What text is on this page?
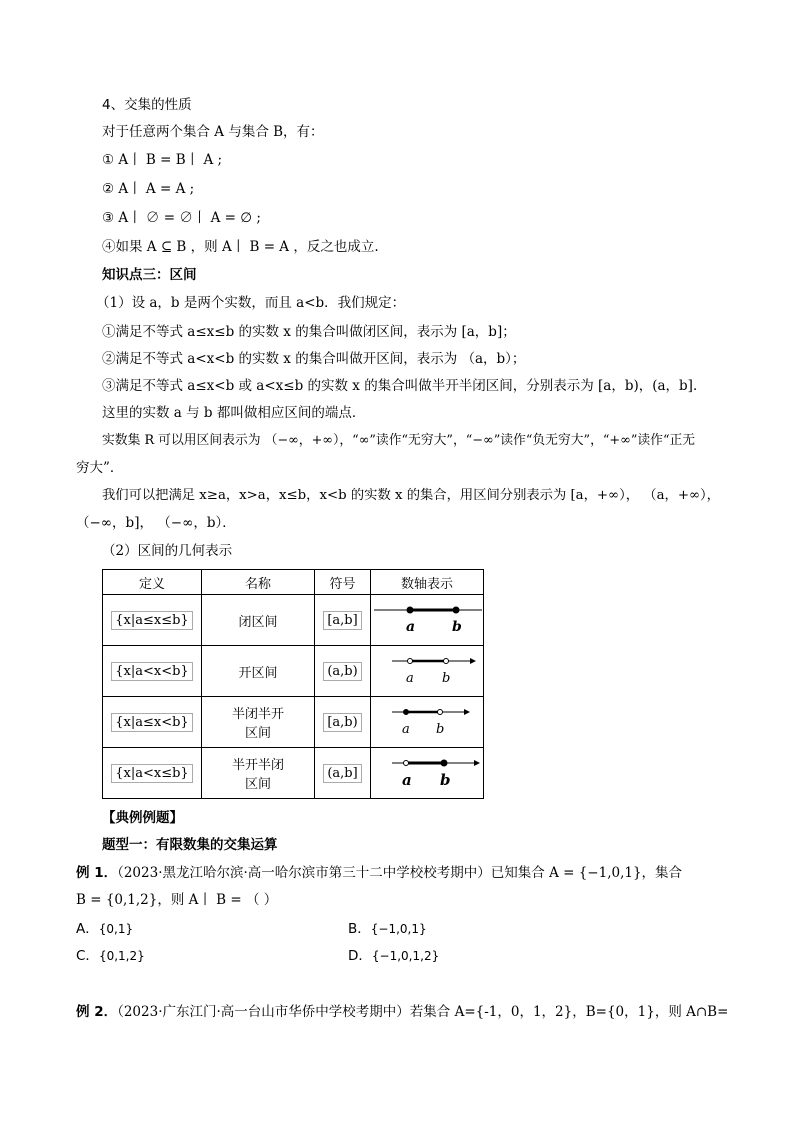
4、交集的性质
对于任意两个集合 A 与集合 B，有：
① A丨 B = B丨 A ;
② A丨 A = A ;
③ A丨 ∅ = ∅丨 A = ∅ ;
④如果 A ⊆ B ，则 A丨 B = A ，反之也成立.
知识点三：区间
（1）设 a，b 是两个实数，而且 a<b．我们规定：
①满足不等式 a≤x≤b 的实数 x 的集合叫做闭区间，表示为 [a，b]；
②满足不等式 a<x<b 的实数 x 的集合叫做开区间，表示为 （a，b）；
③满足不等式 a≤x<b 或 a<x≤b 的实数 x 的集合叫做半开半闭区间，分别表示为 [a，b)，(a，b]．
这里的实数 a 与 b 都叫做相应区间的端点．
实数集 R 可以用区间表示为 （−∞，+∞），“∞”读作“无穷大”，“−∞”读作“负无穷大”，“+∞”读作“正无
穷大”．
我们可以把满足 x≥a，x>a，x≤b，x<b 的实数 x 的集合，用区间分别表示为 [a，+∞）， （a，+∞），
（−∞，b]， （−∞，b）．
（2）区间的几何表示
定义	名称	符号	数轴表示
{x|a≤x≤b}	闭区间	[a,b]	a b

{x|a<x<b}	开区间	(a,b)	a b

{x|a≤x<b}	半闭半开
区间	[a,b)	a b

{x|a<x≤b}	半开半闭
区间	(a,b]	a b
【典例例题】
题型一：有限数集的交集运算
例 1．（2023·黑龙江哈尔滨·高一哈尔滨市第三十二中学校校考期中）已知集合 A = {−1,0,1}，集合
B = {0,1,2}，则 A丨 B = （ ）
A．{0,1}	B．{−1,0,1}
C．{0,1,2}	D．{−1,0,1,2}
例 2．（2023·广东江门·高一台山市华侨中学校考期中）若集合 A={-1，0，1，2}，B={0，1}，则 A∩B=
